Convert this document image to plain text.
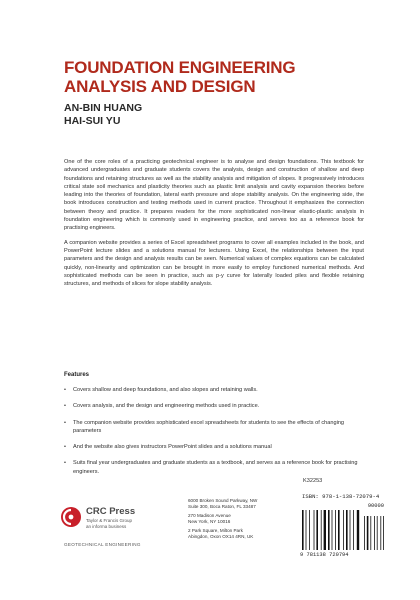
FOUNDATION ENGINEERING
ANALYSIS AND DESIGN
AN-BIN HUANG
HAI-SUI YU

One of the core roles of a practicing geotechnical engineer is to analyse and design foundations. This textbook for advanced undergraduates and graduate students covers the analysis, design and construction of shallow and deep foundations and retaining structures as well as the stability analysis and mitigation of slopes. It progressively introduces critical state soil mechanics and plasticity theories such as plastic limit analysis and cavity expansion theories before leading into the theories of foundation, lateral earth pressure and slope stability analysis. On the engineering side, the book introduces construction and testing methods used in current practice. Throughout it emphasizes the connection between theory and practice. It prepares readers for the more sophisticated non-linear elastic-plastic analysis in foundation engineering which is commonly used in engineering practice, and serves too as a reference book for practising engineers.

A companion website provides a series of Excel spreadsheet programs to cover all examples included in the book, and PowerPoint lecture slides and a solutions manual for lecturers. Using Excel, the relationships between the input parameters and the design and analysis results can be seen. Numerical values of complex equations can be calculated quickly, non-linearity and optimization can be brought in more easily to employ functioned numerical methods. And sophisticated methods can be seen in practice, such as p-y curve for laterally loaded piles and flexible retaining structures, and methods of slices for slope stability analysis.

Features
• Covers shallow and deep foundations, and also slopes and retaining walls.
• Covers analysis, and the design and engineering methods used in practice.
• The companion website provides sophisticated excel spreadsheets for students to see the effects of changing parameters
• And the website also gives instructors PowerPoint slides and a solutions manual
• Suits final year undergraduates and graduate students as a textbook, and serves as a reference book for practising engineers.
CRC Press
Taylor & Francis Group
an informa business
GEOTECHNICAL ENGINEERING
6000 Broken Sound Parkway, NW
Suite 300, Boca Raton, FL 33487
270 Madison Avenue
New York, NY 10016
2 Park Square, Milton Park
Abingdon, Oxon OX14 4RN, UK
K32253
ISBN: 978-1-138-72079-4
90000
9 781138 720794
